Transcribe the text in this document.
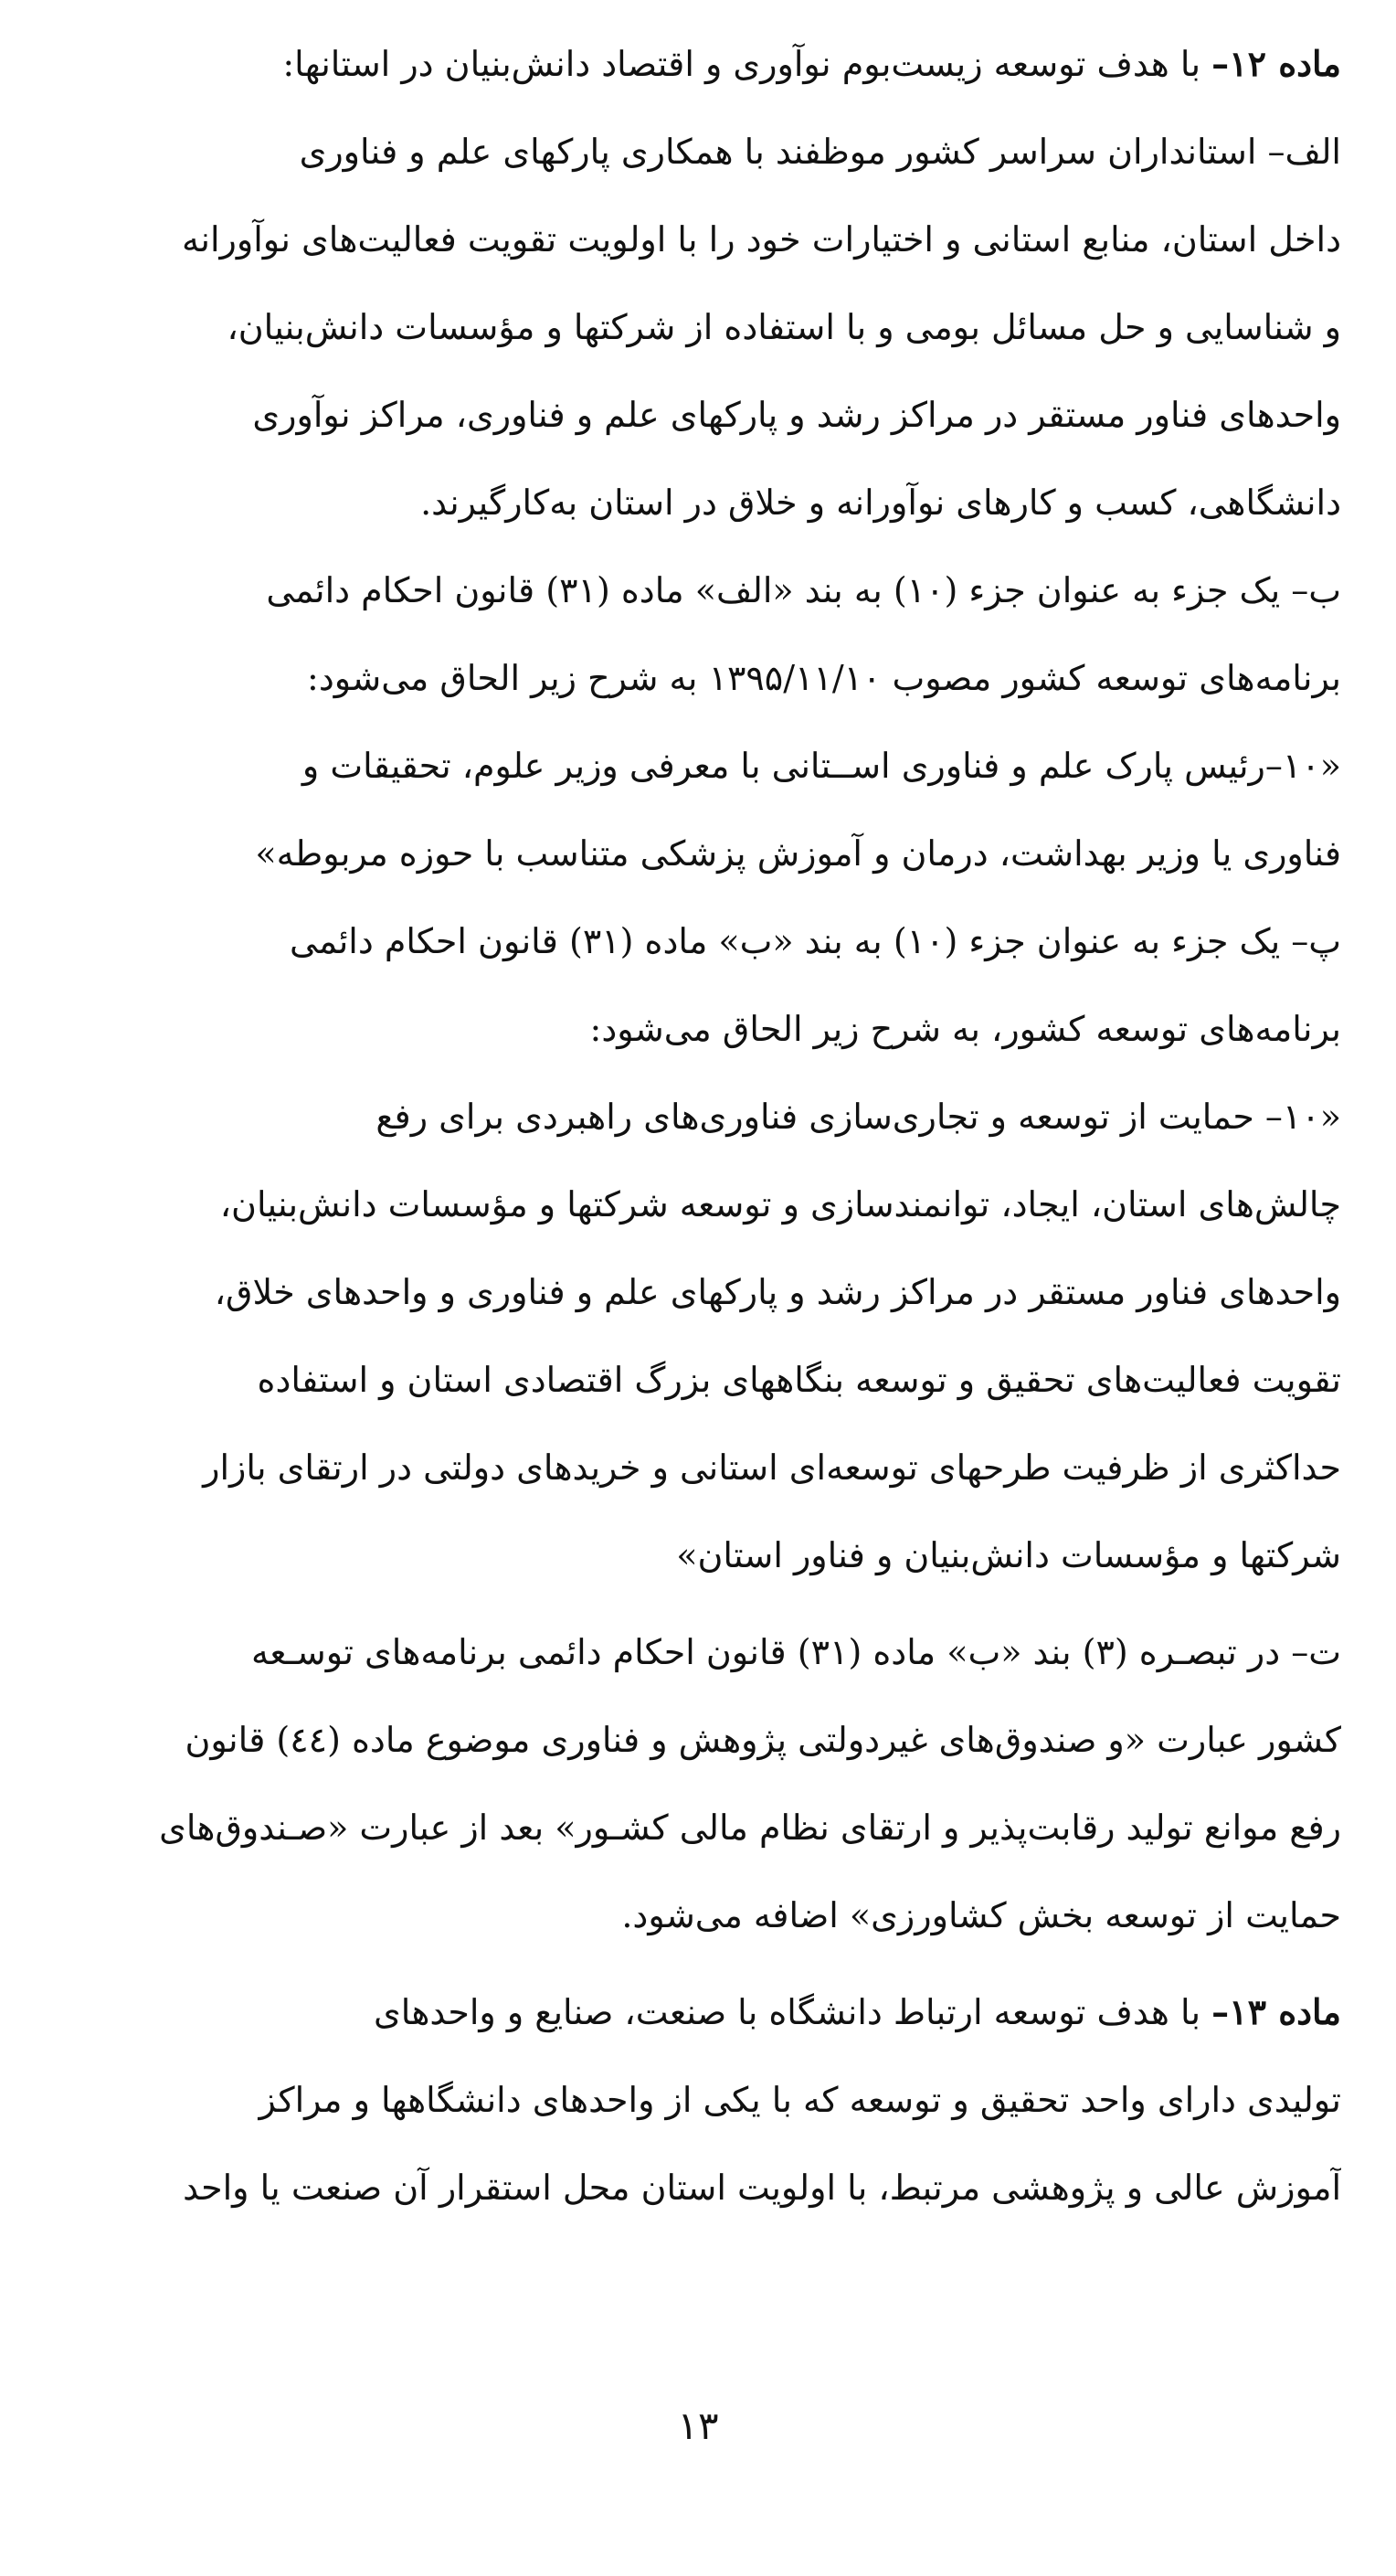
ماده ۱۲– با هدف توسعه زیست‌بوم نوآوری و اقتصاد دانش‌بنیان در استانها:
الف– استانداران سراسر کشور موظفند با همکاری پارکهای علم و فناوری
داخل استان، منابع استانی و اختیارات خود را با اولویت تقویت فعالیت‌های نوآورانه
و شناسایی و حل مسائل بومی و با استفاده از شرکتها و مؤسسات دانش‌بنیان،
واحدهای فناور مستقر در مراکز رشد و پارکهای علم و فناوری، مراکز نوآوری
دانشگاهی، کسب و کارهای نوآورانه و خلاق در استان به‌کارگیرند.
ب– یک جزء به عنوان جزء (۱۰) به بند «الف» ماده (۳۱) قانون احکام دائمی
برنامه‌های توسعه کشور مصوب ۱۳۹۵/۱۱/۱۰ به شرح زیر الحاق می‌شود:
«۱۰–رئیس پارک علم و فناوری اســتانی با معرفی وزیر علوم، تحقیقات و
فناوری یا وزیر بهداشت، درمان و آموزش پزشکی متناسب با حوزه مربوطه»
پ– یک جزء به عنوان جزء (۱۰) به بند «ب» ماده (۳۱) قانون احکام دائمی
برنامه‌های توسعه کشور، به شرح زیر الحاق می‌شود:
«۱۰– حمایت از توسعه و تجاری‌سازی فناوری‌های راهبردی برای رفع
چالش‌های استان، ایجاد، توانمندسازی و توسعه شرکتها و مؤسسات دانش‌بنیان،
واحدهای فناور مستقر در مراکز رشد و پارکهای علم و فناوری و واحدهای خلاق،
تقویت فعالیت‌های تحقیق و توسعه بنگاههای بزرگ اقتصادی استان و استفاده
حداکثری از ظرفیت طرحهای توسعه‌ای استانی و خریدهای دولتی در ارتقای بازار
شرکتها و مؤسسات دانش‌بنیان و فناور استان»
ت– در تبصـره (۳) بند «ب» ماده (۳۱) قانون احکام دائمی برنامه‌های توسـعه
کشور عبارت «و صندوق‌های غیردولتی پژوهش و فناوری موضوع ماده (٤٤) قانون
رفع موانع تولید رقابت‌پذیر و ارتقای نظام مالی کشـور» بعد از عبارت «صـندوق‌های
حمایت از توسعه بخش کشاورزی» اضافه می‌شود.
ماده ۱۳– با هدف توسعه ارتباط دانشگاه با صنعت، صنایع و واحدهای
تولیدی دارای واحد تحقیق و توسعه که با یکی از واحدهای دانشگاهها و مراکز
آموزش عالی و پژوهشی مرتبط، با اولویت استان محل استقرار آن صنعت یا واحد
۱۳
